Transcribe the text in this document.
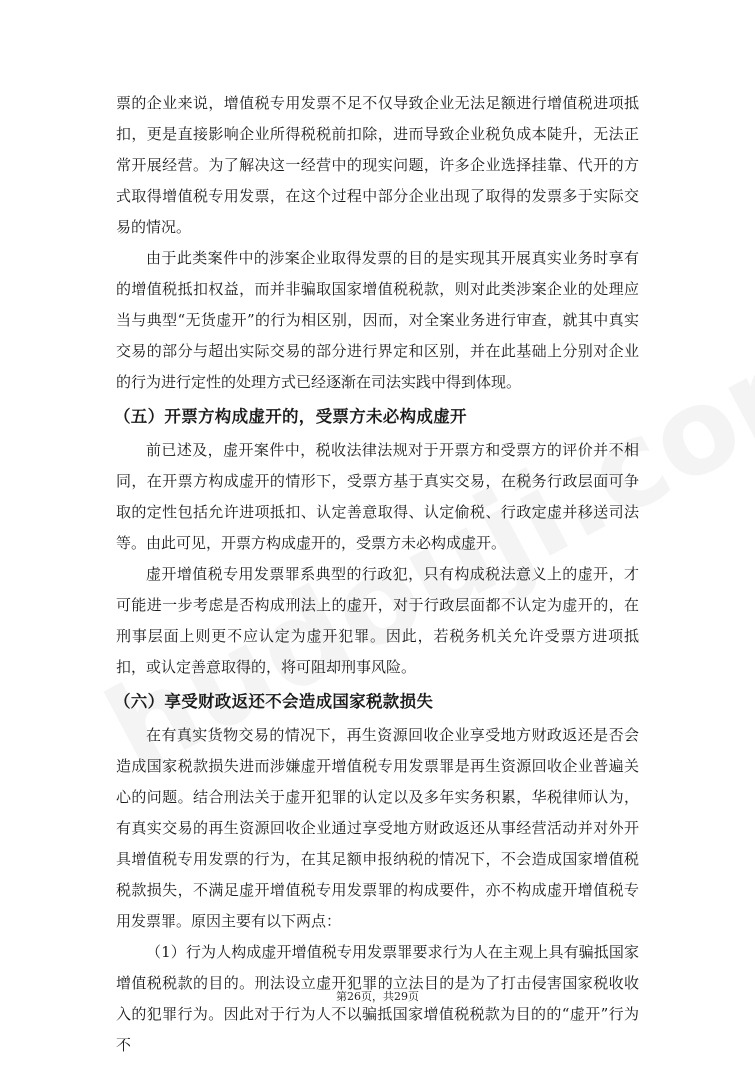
票的企业来说，增值税专用发票不足不仅导致企业无法足额进行增值税进项抵扣，更是直接影响企业所得税税前扣除，进而导致企业税负成本陡升，无法正常开展经营。为了解决这一经营中的现实问题，许多企业选择挂靠、代开的方式取得增值税专用发票，在这个过程中部分企业出现了取得的发票多于实际交易的情况。

由于此类案件中的涉案企业取得发票的目的是实现其开展真实业务时享有的增值税抵扣权益，而并非骗取国家增值税税款，则对此类涉案企业的处理应当与典型“无货虚开”的行为相区别，因而，对全案业务进行审查，就其中真实交易的部分与超出实际交易的部分进行界定和区别，并在此基础上分别对企业的行为进行定性的处理方式已经逐渐在司法实践中得到体现。

（五）开票方构成虚开的，受票方未必构成虚开

前已述及，虚开案件中，税收法律法规对于开票方和受票方的评价并不相同，在开票方构成虚开的情形下，受票方基于真实交易，在税务行政层面可争取的定性包括允许进项抵扣、认定善意取得、认定偷税、行政定虚并移送司法等。由此可见，开票方构成虚开的，受票方未必构成虚开。

虚开增值税专用发票罪系典型的行政犯，只有构成税法意义上的虚开，才可能进一步考虑是否构成刑法上的虚开，对于行政层面都不认定为虚开的，在刑事层面上则更不应认定为虚开犯罪。因此，若税务机关允许受票方进项抵扣，或认定善意取得的，将可阻却刑事风险。

（六）享受财政返还不会造成国家税款损失

在有真实货物交易的情况下，再生资源回收企业享受地方财政返还是否会造成国家税款损失进而涉嫌虚开增值税专用发票罪是再生资源回收企业普遍关心的问题。结合刑法关于虚开犯罪的认定以及多年实务积累，华税律师认为，有真实交易的再生资源回收企业通过享受地方财政返还从事经营活动并对外开具增值税专用发票的行为，在其足额申报纳税的情况下，不会造成国家增值税税款损失，不满足虚开增值税专用发票罪的构成要件，亦不构成虚开增值税专用发票罪。原因主要有以下两点：

（1）行为人构成虚开增值税专用发票罪要求行为人在主观上具有骗抵国家增值税税款的目的。刑法设立虚开犯罪的立法目的是为了打击侵害国家税收收入的犯罪行为。因此对于行为人不以骗抵国家增值税税款为目的的“虚开”行为不

第26页，共29页
